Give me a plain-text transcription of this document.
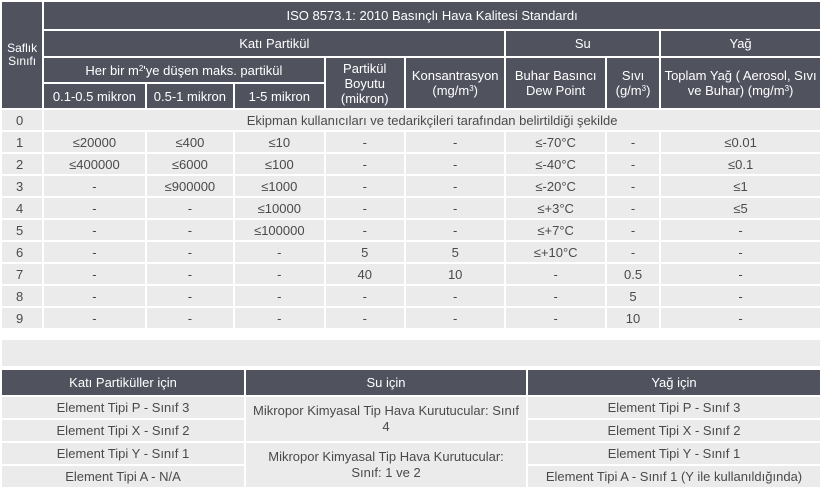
Saflık Sınıfı	ISO 8573.1: 2010 Basınçlı Hava Kalitesi Standardı							
	Katı Partikül					Su		Yağ
	Her bir $m^2'ye$ düşen maks. partikül			Partikül Boyutu (mikron)	Konsantrasyon $(mg/m^3)$	Buhar Basıncı Dew Point	Sıvı $(g/m^3)$	Toplam Yağ ( Aerosol, Sıvı ve Buhar) $(mg/m^3)$
	0.1-0.5 mikron	0.5-1 mikron	1-5 mikron					
0	Ekipman kullanıcıları ve tedarikçileri tarafından belirtildiği şekilde							
1	≤20000	≤400	≤10	-	-	≤-70°C	-	≤0.01
2	≤400000	≤6000	≤100	-	-	≤-40°C	-	≤0.1
3	-	≤900000	≤1000	-	-	≤-20°C	-	≤1
4	-	-	≤10000	-	-	≤+3°C	-	≤5
5	-	-	≤100000	-	-	≤+7°C	-	-
6	-	-	-	5	5	≤+10°C	-	-
7	-	-	-	40	10	-	0.5	-
8	-	-	-	-	-	-	5	-
9	-	-	-	-	-	-	10	-
Katı Partiküller için	Su için	Yağ için
Element Tipi P - Sınıf 3	Mikropor Kimyasal Tip Hava Kurutucular: Sınıf 4	Element Tipi P - Sınıf 3
Element Tipi X - Sınıf 2		Element Tipi X - Sınıf 2
Element Tipi Y - Sınıf 1	Mikropor Kimyasal Tip Hava Kurutucular: Sınıf: 1 ve 2	Element Tipi Y - Sınıf 1
Element Tipi A - N/A		Element Tipi A - Sınıf 1 (Y ile kullanıldığında)
